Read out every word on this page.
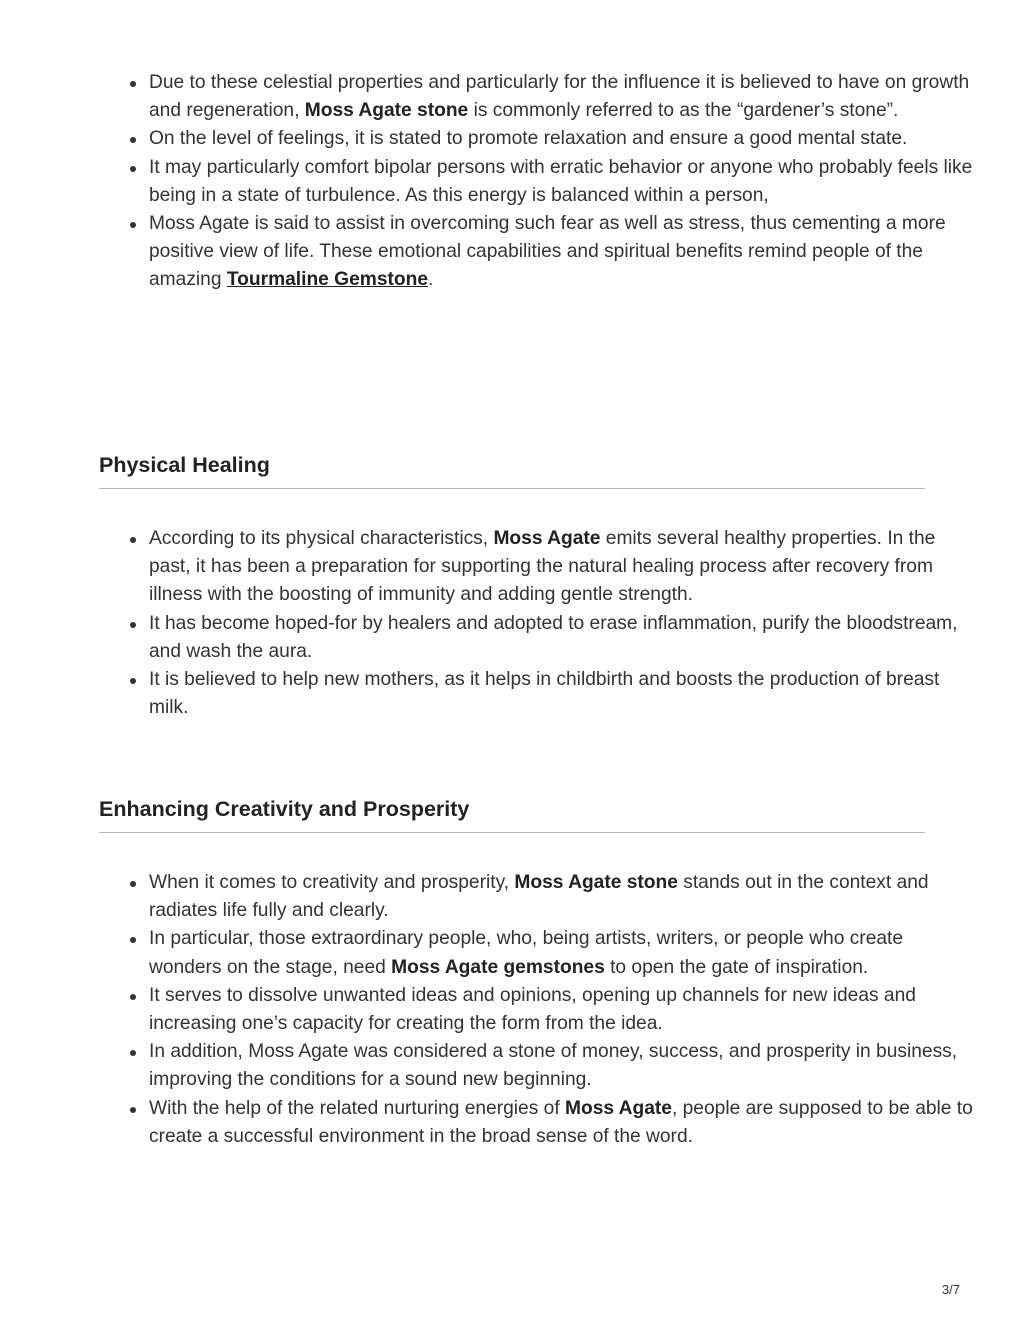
Due to these celestial properties and particularly for the influence it is believed to have on growth and regeneration, Moss Agate stone is commonly referred to as the “gardener’s stone”.
On the level of feelings, it is stated to promote relaxation and ensure a good mental state.
It may particularly comfort bipolar persons with erratic behavior or anyone who probably feels like being in a state of turbulence. As this energy is balanced within a person,
Moss Agate is said to assist in overcoming such fear as well as stress, thus cementing a more positive view of life. These emotional capabilities and spiritual benefits remind people of the amazing Tourmaline Gemstone.
Physical Healing
According to its physical characteristics, Moss Agate emits several healthy properties. In the past, it has been a preparation for supporting the natural healing process after recovery from illness with the boosting of immunity and adding gentle strength.
It has become hoped-for by healers and adopted to erase inflammation, purify the bloodstream, and wash the aura.
It is believed to help new mothers, as it helps in childbirth and boosts the production of breast milk.
Enhancing Creativity and Prosperity
When it comes to creativity and prosperity, Moss Agate stone stands out in the context and radiates life fully and clearly.
In particular, those extraordinary people, who, being artists, writers, or people who create wonders on the stage, need Moss Agate gemstones to open the gate of inspiration.
It serves to dissolve unwanted ideas and opinions, opening up channels for new ideas and increasing one’s capacity for creating the form from the idea.
In addition, Moss Agate was considered a stone of money, success, and prosperity in business, improving the conditions for a sound new beginning.
With the help of the related nurturing energies of Moss Agate, people are supposed to be able to create a successful environment in the broad sense of the word.
3/7
